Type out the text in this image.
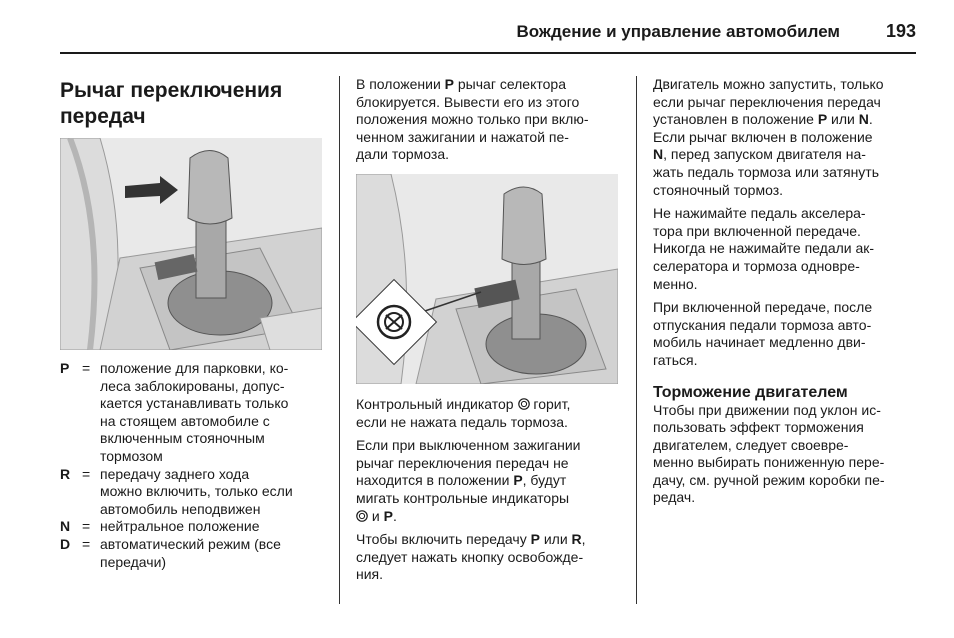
Вождение и управление автомобилем	193
Рычаг переключения
передач
P = положение для парковки, ко-
леса заблокированы, допус-
кается устанавливать только
на стоящем автомобиле с
включенным стояночным
тормозом
R = передачу заднего хода
можно включить, только если
автомобиль неподвижен
N = нейтральное положение
D = автоматический режим (все
передачи)

В положении P рычаг селектора
блокируется. Вывести его из этого
положения можно только при вклю-
ченном зажигании и нажатой пе-
дали тормоза.

Контрольный индикатор  горит,
если не нажата педаль тормоза.

Если при выключенном зажигании
рычаг переключения передач не
находится в положении P, будут
мигать контрольные индикаторы
и P.

Чтобы включить передачу P или R,
следует нажать кнопку освобожде-
ния.

Двигатель можно запустить, только
если рычаг переключения передач
установлен в положение P или N.
Если рычаг включен в положение
N, перед запуском двигателя на-
жать педаль тормоза или затянуть
стояночный тормоз.

Не нажимайте педаль акселера-
тора при включенной передаче.
Никогда не нажимайте педали ак-
селератора и тормоза одновре-
менно.

При включенной передаче, после
отпускания педали тормоза авто-
мобиль начинает медленно дви-
гаться.

Торможение двигателем

Чтобы при движении под уклон ис-
пользовать эффект торможения
двигателем, следует своевре-
менно выбирать пониженную пере-
дачу, см. ручной режим коробки пе-
редач.
